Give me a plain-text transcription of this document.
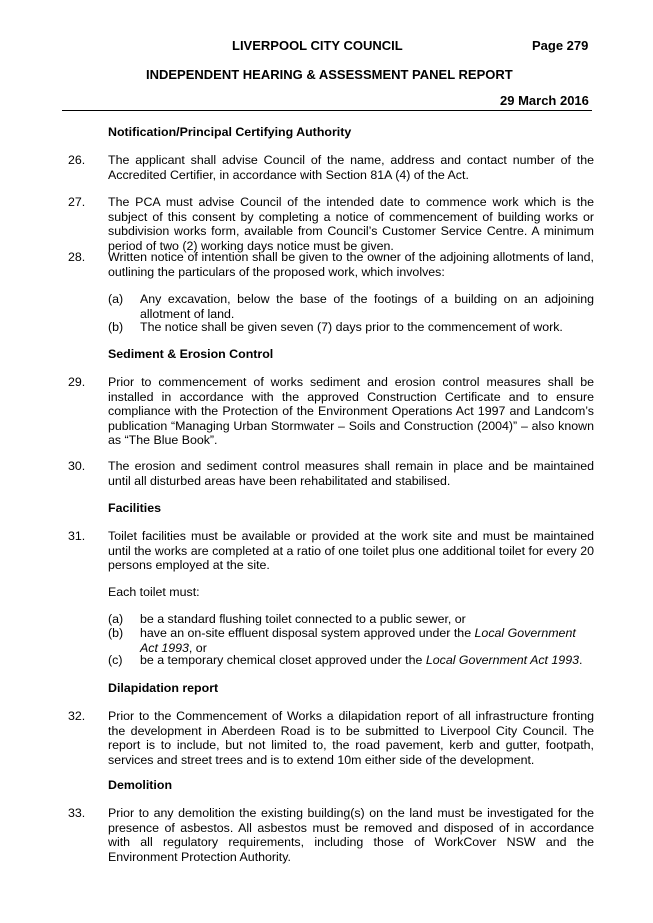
LIVERPOOL CITY COUNCIL	Page 279
INDEPENDENT HEARING & ASSESSMENT PANEL REPORT
29 March 2016
Notification/Principal Certifying Authority
26. The applicant shall advise Council of the name, address and contact number of the Accredited Certifier, in accordance with Section 81A (4) of the Act.
27. The PCA must advise Council of the intended date to commence work which is the subject of this consent by completing a notice of commencement of building works or subdivision works form, available from Council’s Customer Service Centre. A minimum period of two (2) working days notice must be given.
28. Written notice of intention shall be given to the owner of the adjoining allotments of land, outlining the particulars of the proposed work, which involves:
(a) Any excavation, below the base of the footings of a building on an adjoining allotment of land.
(b) The notice shall be given seven (7) days prior to the commencement of work.
Sediment & Erosion Control
29. Prior to commencement of works sediment and erosion control measures shall be installed in accordance with the approved Construction Certificate and to ensure compliance with the Protection of the Environment Operations Act 1997 and Landcom’s publication “Managing Urban Stormwater – Soils and Construction (2004)” – also known as “The Blue Book”.
30. The erosion and sediment control measures shall remain in place and be maintained until all disturbed areas have been rehabilitated and stabilised.
Facilities
31. Toilet facilities must be available or provided at the work site and must be maintained until the works are completed at a ratio of one toilet plus one additional toilet for every 20 persons employed at the site.
Each toilet must:
(a) be a standard flushing toilet connected to a public sewer, or
(b) have an on-site effluent disposal system approved under the Local Government Act 1993, or
(c) be a temporary chemical closet approved under the Local Government Act 1993.
Dilapidation report
32. Prior to the Commencement of Works a dilapidation report of all infrastructure fronting the development in Aberdeen Road is to be submitted to Liverpool City Council. The report is to include, but not limited to, the road pavement, kerb and gutter, footpath, services and street trees and is to extend 10m either side of the development.
Demolition
33. Prior to any demolition the existing building(s) on the land must be investigated for the presence of asbestos. All asbestos must be removed and disposed of in accordance with all regulatory requirements, including those of WorkCover NSW and the Environment Protection Authority.
